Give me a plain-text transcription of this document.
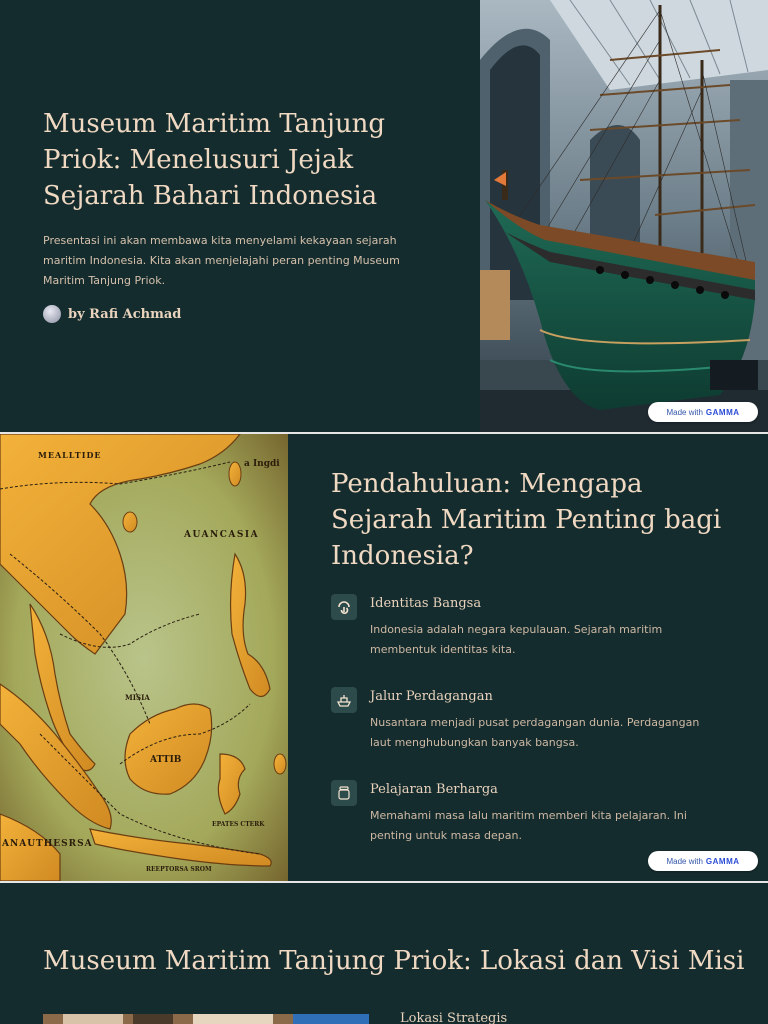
Museum Maritim Tanjung Priok: Menelusuri Jejak Sejarah Bahari Indonesia

Presentasi ini akan membawa kita menyelami kekayaan sejarah maritim Indonesia. Kita akan menjelajahi peran penting Museum Maritim Tanjung Priok.

by Rafi Achmad
Made with GAMMA
MEALLTIDE
a Ingdi
AUANCASIA
MISIA
ATTIB
ANAUTHESRSA
EPATES CTERK
REEPTORSA SROM
Pendahuluan: Mengapa Sejarah Maritim Penting bagi Indonesia?
Identitas Bangsa
Indonesia adalah negara kepulauan. Sejarah maritim membentuk identitas kita.
Jalur Perdagangan
Nusantara menjadi pusat perdagangan dunia. Perdagangan laut menghubungkan banyak bangsa.
Pelajaran Berharga
Memahami masa lalu maritim memberi kita pelajaran. Ini penting untuk masa depan.
Made with GAMMA
Museum Maritim Tanjung Priok: Lokasi dan Visi Misi
Lokasi Strategis
